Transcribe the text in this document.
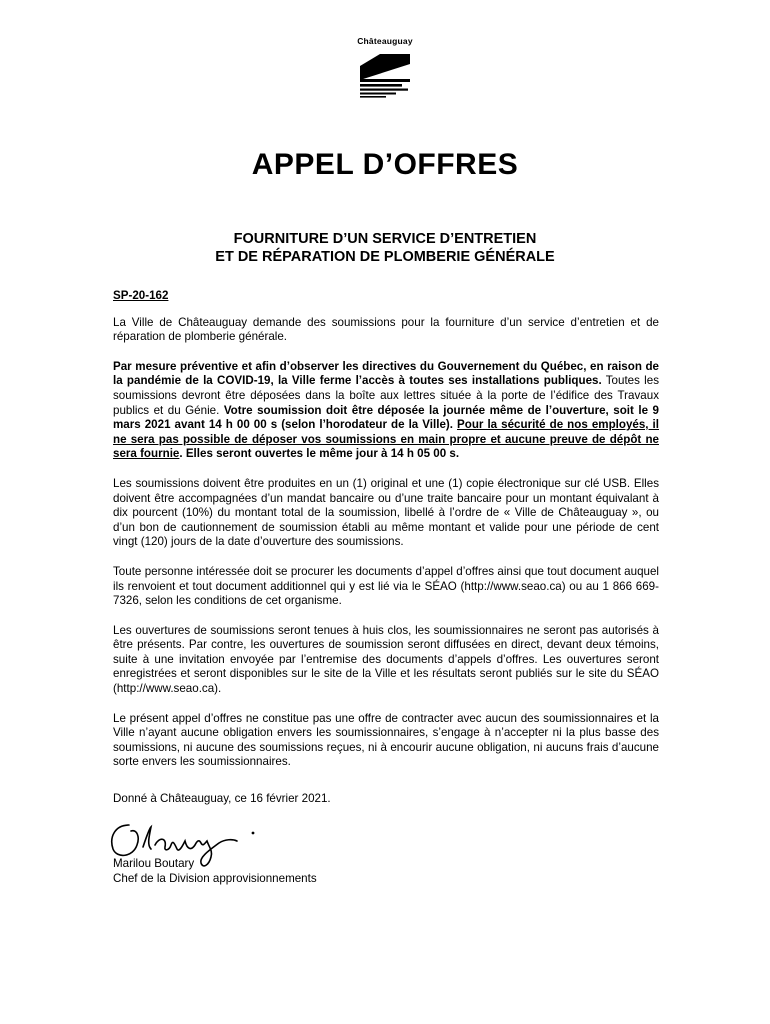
Châteauguay
APPEL D’OFFRES
FOURNITURE D’UN SERVICE D’ENTRETIEN
ET DE RÉPARATION DE PLOMBERIE GÉNÉRALE
SP-20-162

La Ville de Châteauguay demande des soumissions pour la fourniture d’un service d’entretien et de réparation de plomberie générale.

Par mesure préventive et afin d’observer les directives du Gouvernement du Québec, en raison de la pandémie de la COVID-19, la Ville ferme l’accès à toutes ses installations publiques. Toutes les soumissions devront être déposées dans la boîte aux lettres située à la porte de l’édifice des Travaux publics et du Génie. Votre soumission doit être déposée la journée même de l’ouverture, soit le 9 mars 2021 avant 14 h 00 00 s (selon l’horodateur de la Ville). Pour la sécurité de nos employés, il ne sera pas possible de déposer vos soumissions en main propre et aucune preuve de dépôt ne sera fournie. Elles seront ouvertes le même jour à 14 h 05 00 s.

Les soumissions doivent être produites en un (1) original et une (1) copie électronique sur clé USB. Elles doivent être accompagnées d’un mandat bancaire ou d’une traite bancaire pour un montant équivalant à dix pourcent (10%) du montant total de la soumission, libellé à l’ordre de « Ville de Châteauguay », ou d’un bon de cautionnement de soumission établi au même montant et valide pour une période de cent vingt (120) jours de la date d’ouverture des soumissions.

Toute personne intéressée doit se procurer les documents d’appel d’offres ainsi que tout document auquel ils renvoient et tout document additionnel qui y est lié via le SÉAO (http://www.seao.ca) ou au 1 866 669-7326, selon les conditions de cet organisme.

Les ouvertures de soumissions seront tenues à huis clos, les soumissionnaires ne seront pas autorisés à être présents. Par contre, les ouvertures de soumission seront diffusées en direct, devant deux témoins, suite à une invitation envoyée par l’entremise des documents d’appels d’offres. Les ouvertures seront enregistrées et seront disponibles sur le site de la Ville et les résultats seront publiés sur le site du SÉAO (http://www.seao.ca).

Le présent appel d’offres ne constitue pas une offre de contracter avec aucun des soumissionnaires et la Ville n’ayant aucune obligation envers les soumissionnaires, s’engage à n’accepter ni la plus basse des soumissions, ni aucune des soumissions reçues, ni à encourir aucune obligation, ni aucuns frais d’aucune sorte envers les soumissionnaires.

Donné à Châteauguay, ce 16 février 2021.

Marilou Boutary
Chef de la Division approvisionnements
